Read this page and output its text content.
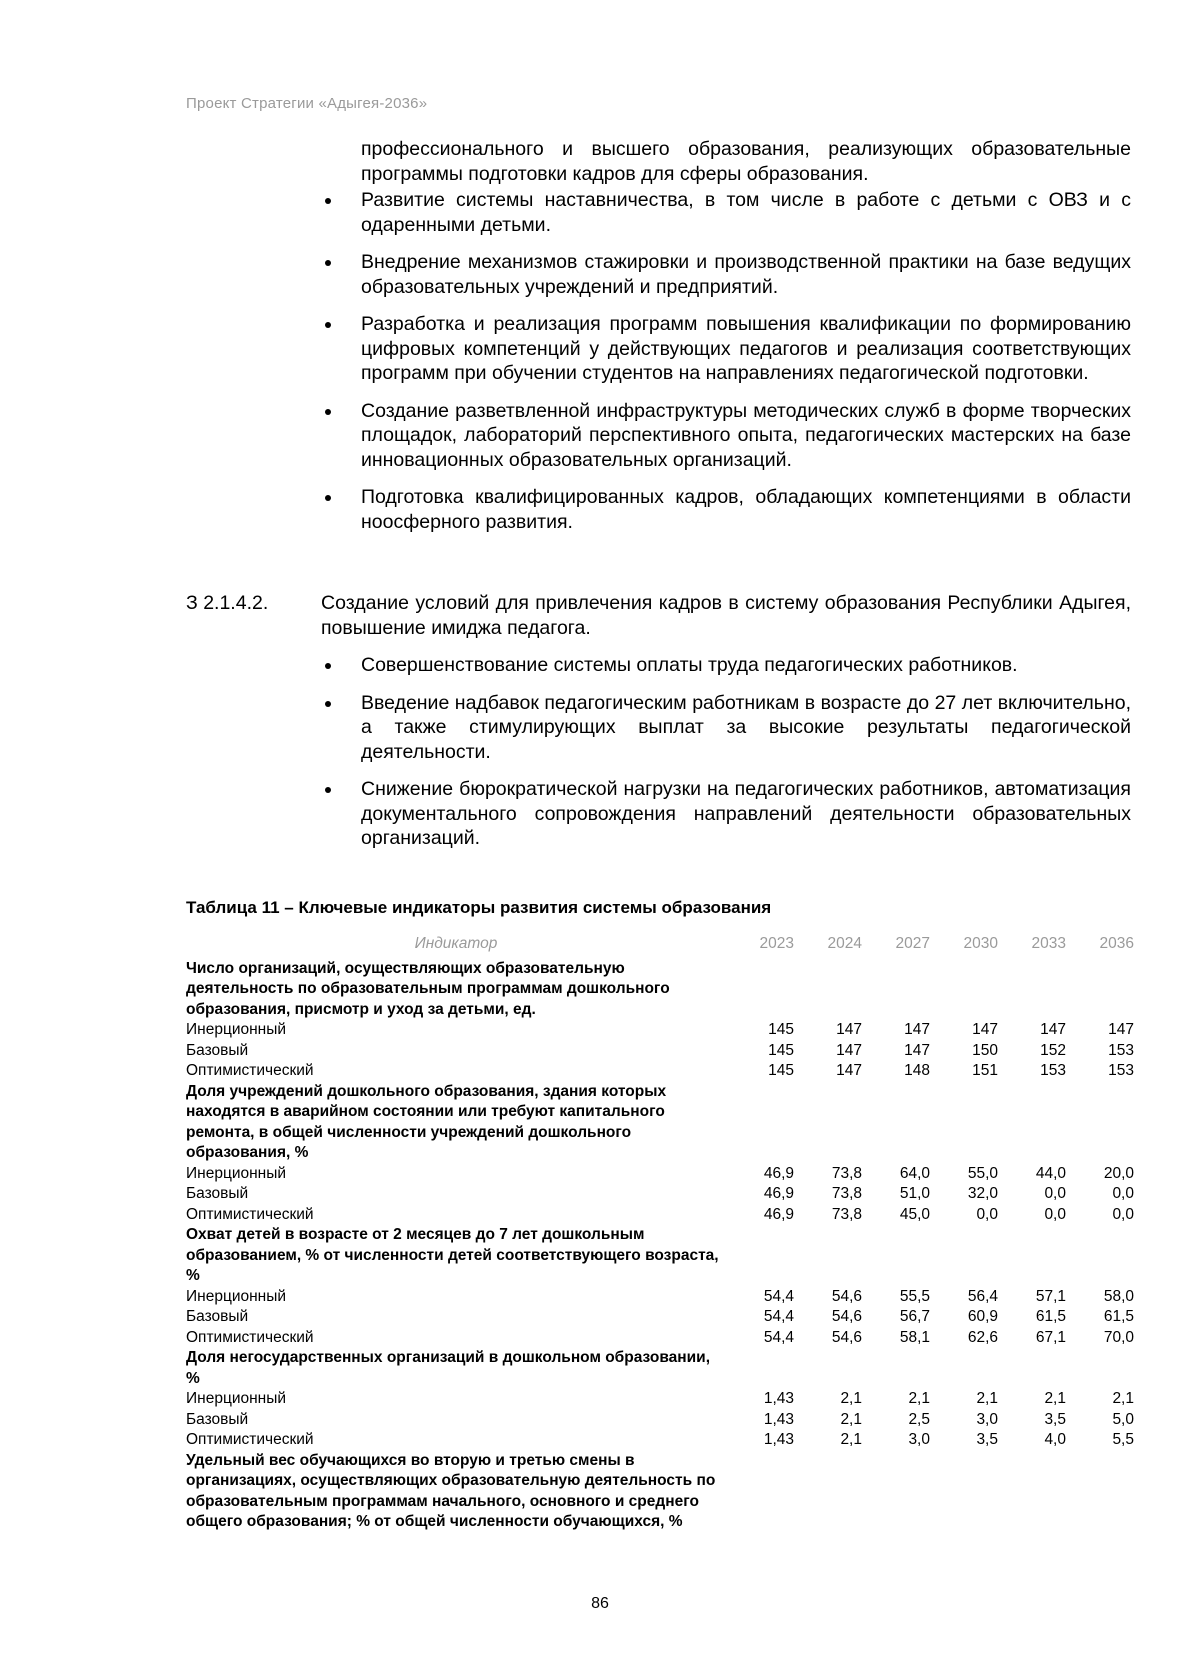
Проект Стратегии «Адыгея-2036»
профессионального и высшего образования, реализующих образовательные программы подготовки кадров для сферы образования.
Развитие системы наставничества, в том числе в работе с детьми с ОВЗ и с одаренными детьми.
Внедрение механизмов стажировки и производственной практики на базе ведущих образовательных учреждений и предприятий.
Разработка и реализация программ повышения квалификации по формированию цифровых компетенций у действующих педагогов и реализация соответствующих программ при обучении студентов на направлениях педагогической подготовки.
Создание разветвленной инфраструктуры методических служб в форме творческих площадок, лабораторий перспективного опыта, педагогических мастерских на базе инновационных образовательных организаций.
Подготовка квалифицированных кадров, обладающих компетенциями в области ноосферного развития.
З 2.1.4.2.	Создание условий для привлечения кадров в систему образования Республики Адыгея, повышение имиджа педагога.
Совершенствование системы оплаты труда педагогических работников.
Введение надбавок педагогическим работникам в возрасте до 27 лет включительно, а также стимулирующих выплат за высокие результаты педагогической деятельности.
Снижение бюрократической нагрузки на педагогических работников, автоматизация документального сопровождения направлений деятельности образовательных организаций.
Таблица 11 – Ключевые индикаторы развития системы образования
Индикатор	2023	2024	2027	2030	2033	2036
Число организаций, осуществляющих образовательную деятельность по образовательным программам дошкольного образования, присмотр и уход за детьми, ед.						
Инерционный	145	147	147	147	147	147
Базовый	145	147	147	150	152	153
Оптимистический	145	147	148	151	153	153
Доля учреждений дошкольного образования, здания которых находятся в аварийном состоянии или требуют капитального ремонта, в общей численности учреждений дошкольного образования, %						
Инерционный	46,9	73,8	64,0	55,0	44,0	20,0
Базовый	46,9	73,8	51,0	32,0	0,0	0,0
Оптимистический	46,9	73,8	45,0	0,0	0,0	0,0
Охват детей в возрасте от 2 месяцев до 7 лет дошкольным образованием, % от численности детей соответствующего возраста, %						
Инерционный	54,4	54,6	55,5	56,4	57,1	58,0
Базовый	54,4	54,6	56,7	60,9	61,5	61,5
Оптимистический	54,4	54,6	58,1	62,6	67,1	70,0
Доля негосударственных организаций в дошкольном образовании, %						
Инерционный	1,43	2,1	2,1	2,1	2,1	2,1
Базовый	1,43	2,1	2,5	3,0	3,5	5,0
Оптимистический	1,43	2,1	3,0	3,5	4,0	5,5
Удельный вес обучающихся во вторую и третью смены в организациях, осуществляющих образовательную деятельность по образовательным программам начального, основного и среднего общего образования; % от общей численности обучающихся, %						
86
